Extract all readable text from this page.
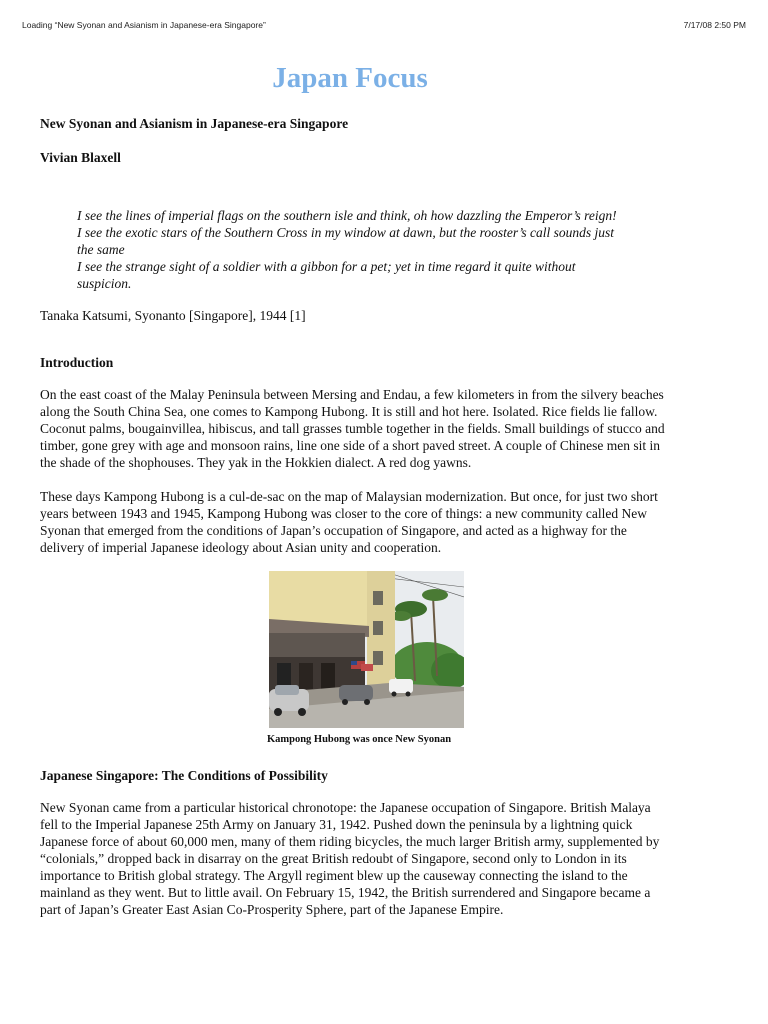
Loading “New Syonan and Asianism in Japanese-era Singapore”	7/17/08 2:50 PM
Japan Focus

New Syonan and Asianism in Japanese-era Singapore

Vivian Blaxell

I see the lines of imperial flags on the southern isle and think, oh how dazzling the Emperor’s reign!

I see the exotic stars of the Southern Cross in my window at dawn, but the rooster’s call sounds just the same

I see the strange sight of a soldier with a gibbon for a pet; yet in time regard it quite without suspicion.

Tanaka Katsumi, Syonanto [Singapore], 1944 [1]

Introduction

On the east coast of the Malay Peninsula between Mersing and Endau, a few kilometers in from the silvery beaches along the South China Sea, one comes to Kampong Hubong. It is still and hot here. Isolated. Rice fields lie fallow. Coconut palms, bougainvillea, hibiscus, and tall grasses tumble together in the fields. Small buildings of stucco and timber, gone grey with age and monsoon rains, line one side of a short paved street. A couple of Chinese men sit in the shade of the shophouses. They yak in the Hokkien dialect. A red dog yawns.

These days Kampong Hubong is a cul-de-sac on the map of Malaysian modernization. But once, for just two short years between 1943 and 1945, Kampong Hubong was closer to the core of things: a new community called New Syonan that emerged from the conditions of Japan’s occupation of Singapore, and acted as a highway for the delivery of imperial Japanese ideology about Asian unity and cooperation.

Kampong Hubong was once New Syonan
Japanese Singapore: The Conditions of Possibility

New Syonan came from a particular historical chronotope: the Japanese occupation of Singapore. British Malaya fell to the Imperial Japanese 25th Army on January 31, 1942. Pushed down the peninsula by a lightning quick Japanese force of about 60,000 men, many of them riding bicycles, the much larger British army, supplemented by “colonials,” dropped back in disarray on the great British redoubt of Singapore, second only to London in its importance to British global strategy. The Argyll regiment blew up the causeway connecting the island to the mainland as they went. But to little avail. On February 15, 1942, the British surrendered and Singapore became a part of Japan’s Greater East Asian Co-Prosperity Sphere, part of the Japanese Empire.
